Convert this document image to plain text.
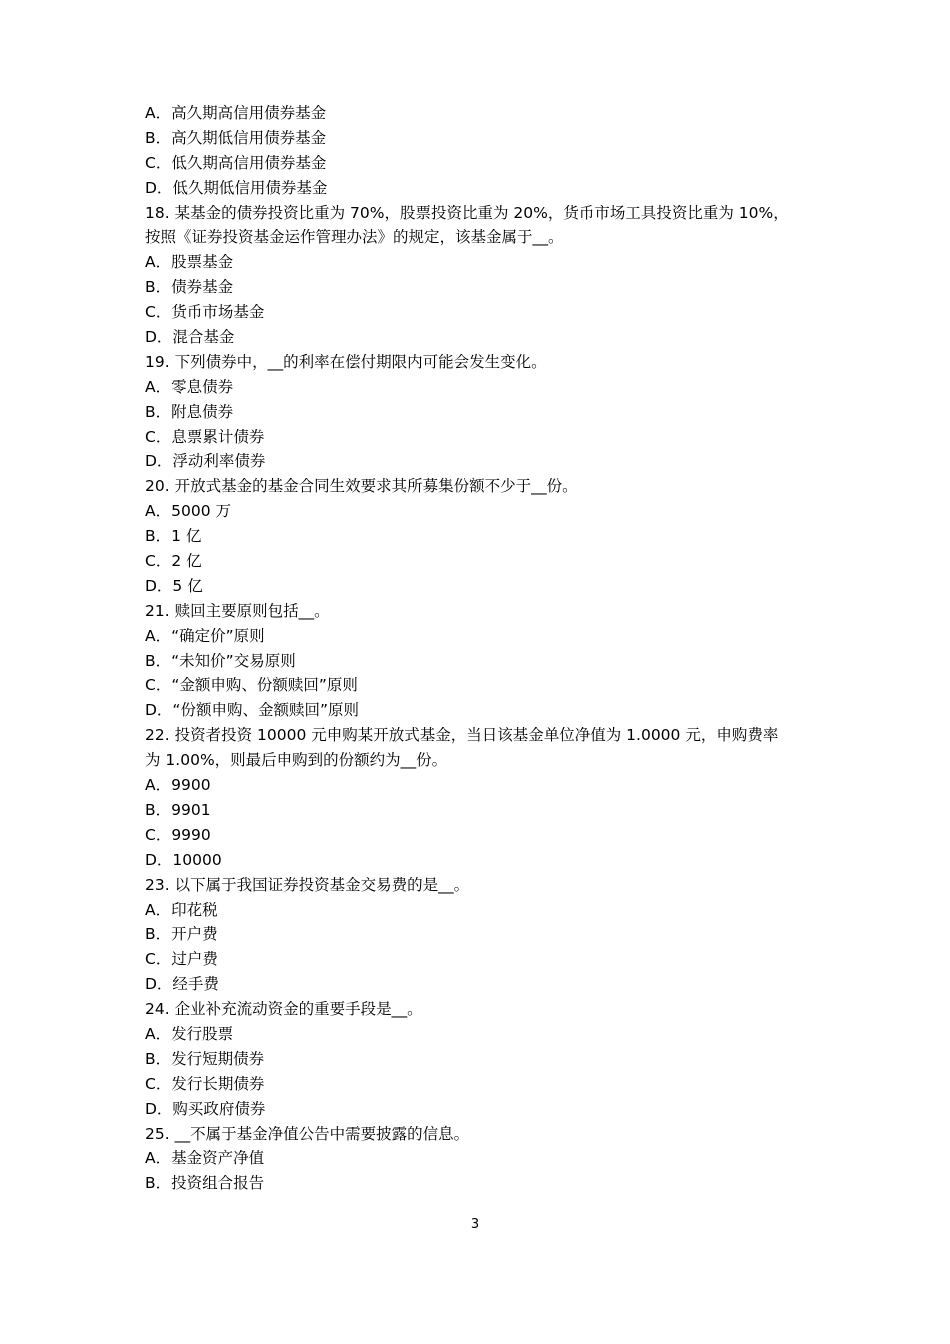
A．高久期高信用债券基金
B．高久期低信用债券基金
C．低久期高信用债券基金
D．低久期低信用债券基金
18. 某基金的债券投资比重为 70%，股票投资比重为 20%，货币市场工具投资比重为 10%，
按照《证券投资基金运作管理办法》的规定，该基金属于__。
A．股票基金
B．债券基金
C．货币市场基金
D．混合基金
19. 下列债券中，__的利率在偿付期限内可能会发生变化。
A．零息债券
B．附息债券
C．息票累计债券
D．浮动利率债券
20. 开放式基金的基金合同生效要求其所募集份额不少于__份。
A．5000 万
B．1 亿
C．2 亿
D．5 亿
21. 赎回主要原则包括__。
A．“确定价”原则
B．“未知价”交易原则
C．“金额申购、份额赎回”原则
D．“份额申购、金额赎回”原则
22. 投资者投资 10000 元申购某开放式基金，当日该基金单位净值为 1.0000 元，申购费率
为 1.00%，则最后申购到的份额约为__份。
A．9900
B．9901
C．9990
D．10000
23. 以下属于我国证券投资基金交易费的是__。
A．印花税
B．开户费
C．过户费
D．经手费
24. 企业补充流动资金的重要手段是__。
A．发行股票
B．发行短期债券
C．发行长期债券
D．购买政府债券
25. __不属于基金净值公告中需要披露的信息。
A．基金资产净值
B．投资组合报告
3
